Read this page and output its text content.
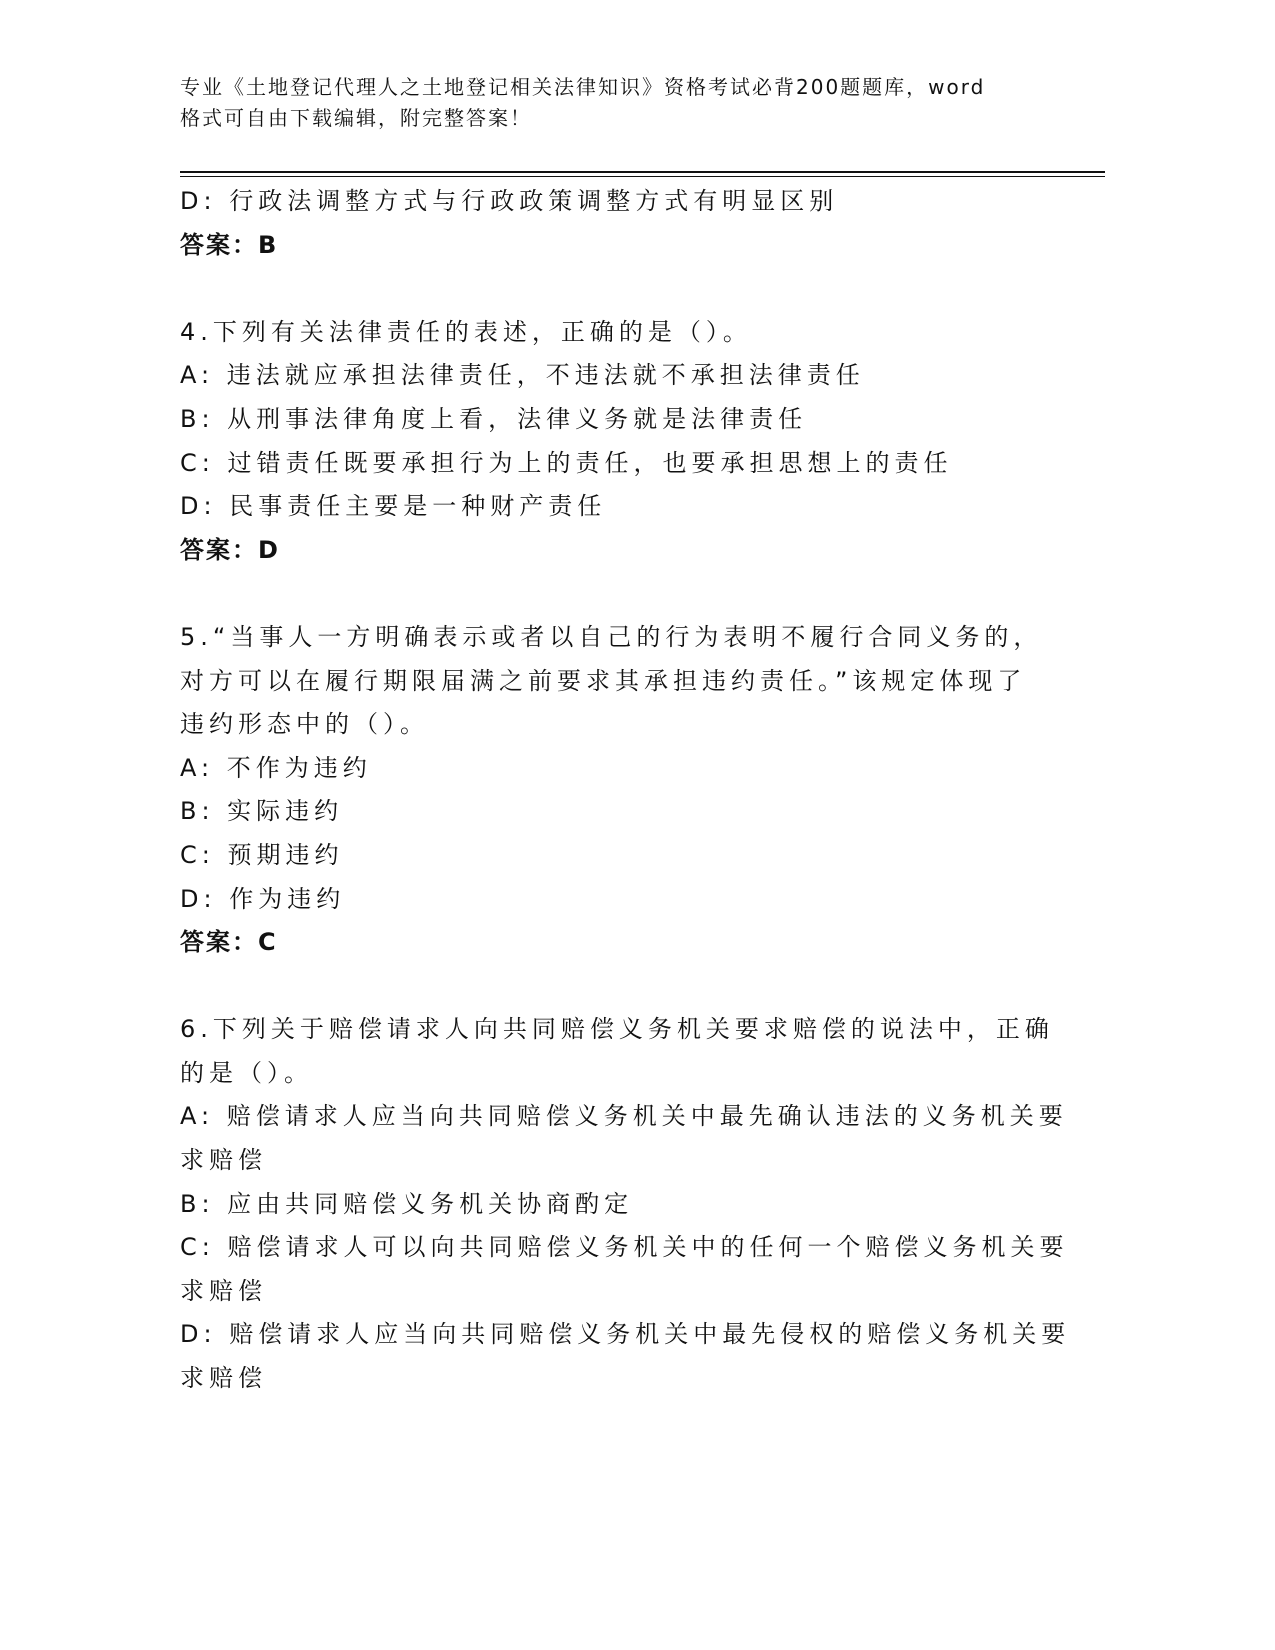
专业《土地登记代理人之土地登记相关法律知识》资格考试必背200题题库，word
格式可自由下载编辑，附完整答案！
D: 行政法调整方式与行政政策调整方式有明显区别
答案：B
4.下列有关法律责任的表述，正确的是（）。
A: 违法就应承担法律责任，不违法就不承担法律责任
B: 从刑事法律角度上看，法律义务就是法律责任
C: 过错责任既要承担行为上的责任，也要承担思想上的责任
D: 民事责任主要是一种财产责任
答案：D
5.“当事人一方明确表示或者以自己的行为表明不履行合同义务的，
对方可以在履行期限届满之前要求其承担违约责任。”该规定体现了
违约形态中的（）。
A: 不作为违约
B: 实际违约
C: 预期违约
D: 作为违约
答案：C
6.下列关于赔偿请求人向共同赔偿义务机关要求赔偿的说法中，正确
的是（）。
A: 赔偿请求人应当向共同赔偿义务机关中最先确认违法的义务机关要
求赔偿
B: 应由共同赔偿义务机关协商酌定
C: 赔偿请求人可以向共同赔偿义务机关中的任何一个赔偿义务机关要
求赔偿
D: 赔偿请求人应当向共同赔偿义务机关中最先侵权的赔偿义务机关要
求赔偿
